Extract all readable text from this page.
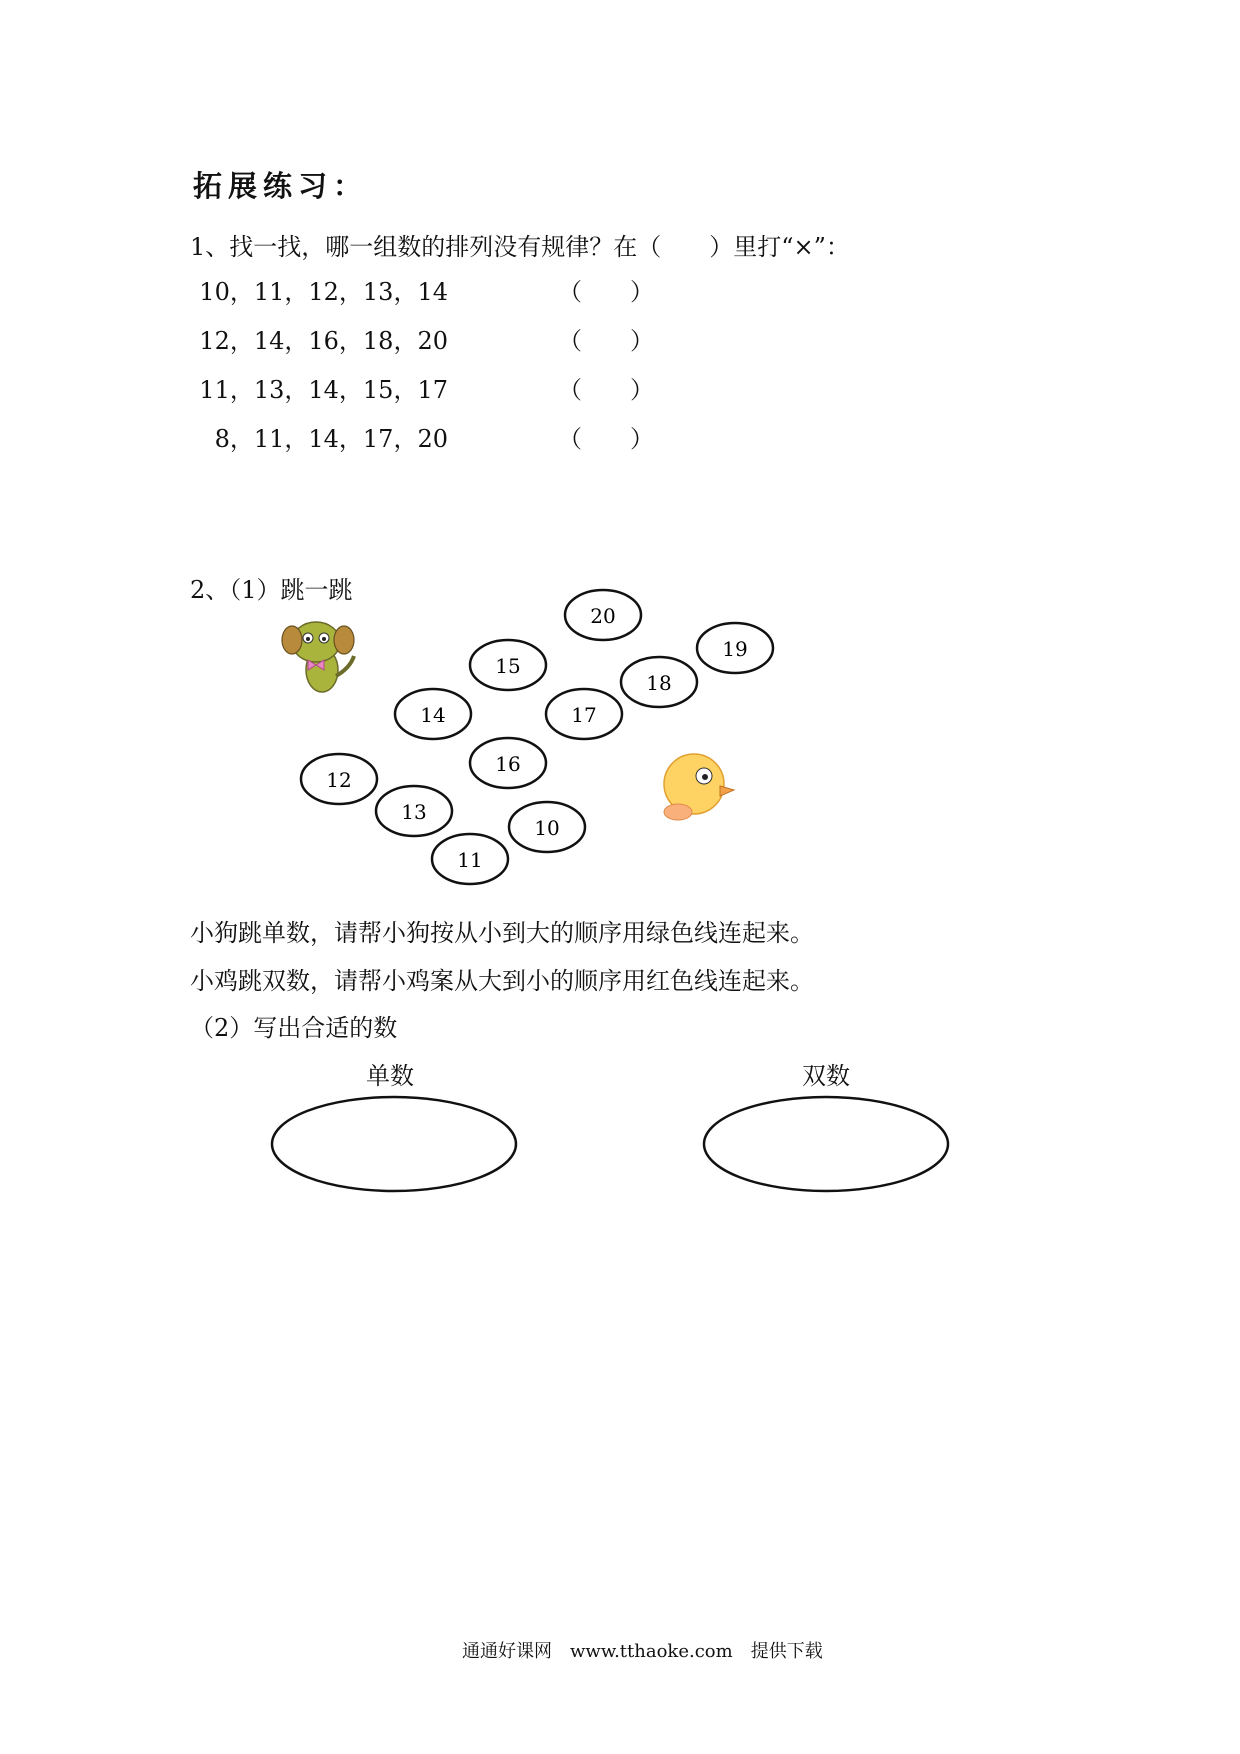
拓展练习：
1、找一找，哪一组数的排列没有规律？在（　　）里打“×”：
10，11，12，13，14	（　　）
12，14，16，18，20	（　　）
11，13，14，15，17	（　　）
8，11，14，17，20	（　　）
2、（1）跳一跳
20
19
15
18
14	17
16
12
13
10
11
小狗跳单数，请帮小狗按从小到大的顺序用绿色线连起来。
小鸡跳双数，请帮小鸡案从大到小的顺序用红色线连起来。
（2）写出合适的数
单数	双数
通通好课网　www.tthaoke.com　提供下载
